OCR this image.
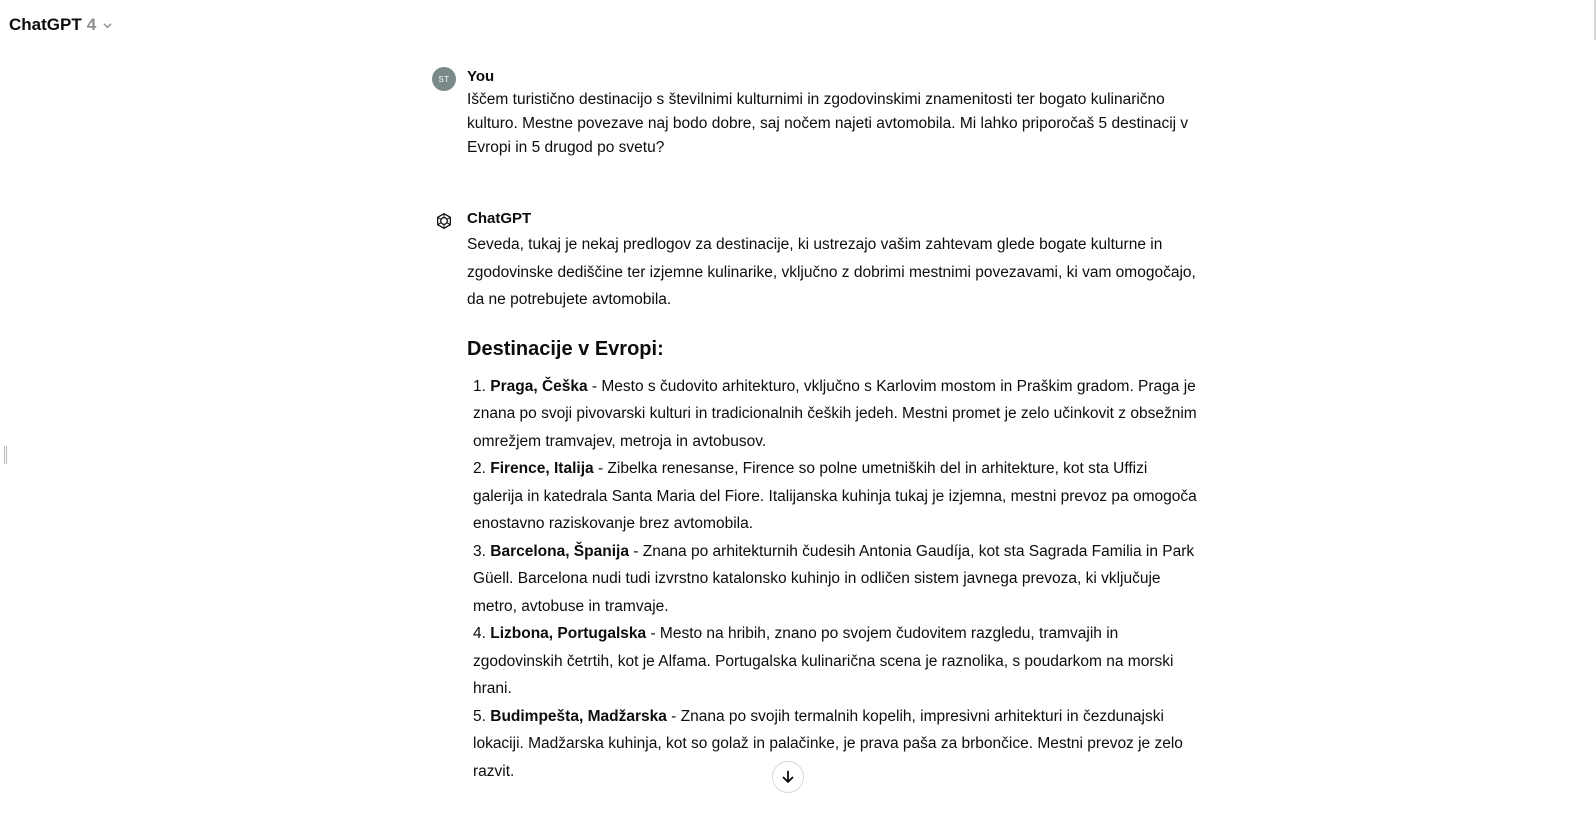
ChatGPT 4
ST You
Iščem turistično destinacijo s številnimi kulturnimi in zgodovinskimi znamenitosti ter bogato kulinarično kulturo. Mestne povezave naj bodo dobre, saj nočem najeti avtomobila. Mi lahko priporočaš 5 destinacij v Evropi in 5 drugod po svetu?
ChatGPT
Seveda, tukaj je nekaj predlogov za destinacije, ki ustrezajo vašim zahtevam glede bogate kulturne in zgodovinske dediščine ter izjemne kulinarike, vključno z dobrimi mestnimi povezavami, ki vam omogočajo, da ne potrebujete avtomobila.
Destinacije v Evropi:
1. Praga, Češka - Mesto s čudovito arhitekturo, vključno s Karlovim mostom in Praškim gradom. Praga je znana po svoji pivovarski kulturi in tradicionalnih čeških jedeh. Mestni promet je zelo učinkovit z obsežnim omrežjem tramvajev, metroja in avtobusov.
2. Firence, Italija - Zibelka renesanse, Firence so polne umetniških del in arhitekture, kot sta Uffizi galerija in katedrala Santa Maria del Fiore. Italijanska kuhinja tukaj je izjemna, mestni prevoz pa omogoča enostavno raziskovanje brez avtomobila.
3. Barcelona, Španija - Znana po arhitekturnih čudesih Antonia Gaudíja, kot sta Sagrada Familia in Park Güell. Barcelona nudi tudi izvrstno katalonsko kuhinjo in odličen sistem javnega prevoza, ki vključuje metro, avtobuse in tramvaje.
4. Lizbona, Portugalska - Mesto na hribih, znano po svojem čudovitem razgledu, tramvajih in zgodovinskih četrtih, kot je Alfama. Portugalska kulinarična scena je raznolika, s poudarkom na morski hrani.
5. Budimpešta, Madžarska - Znana po svojih termalnih kopelih, impresivni arhitekturi in čezdunajski lokaciji. Madžarska kuhinja, kot so golaž in palačinke, je prava paša za brbončice. Mestni prevoz je zelo razvit.
